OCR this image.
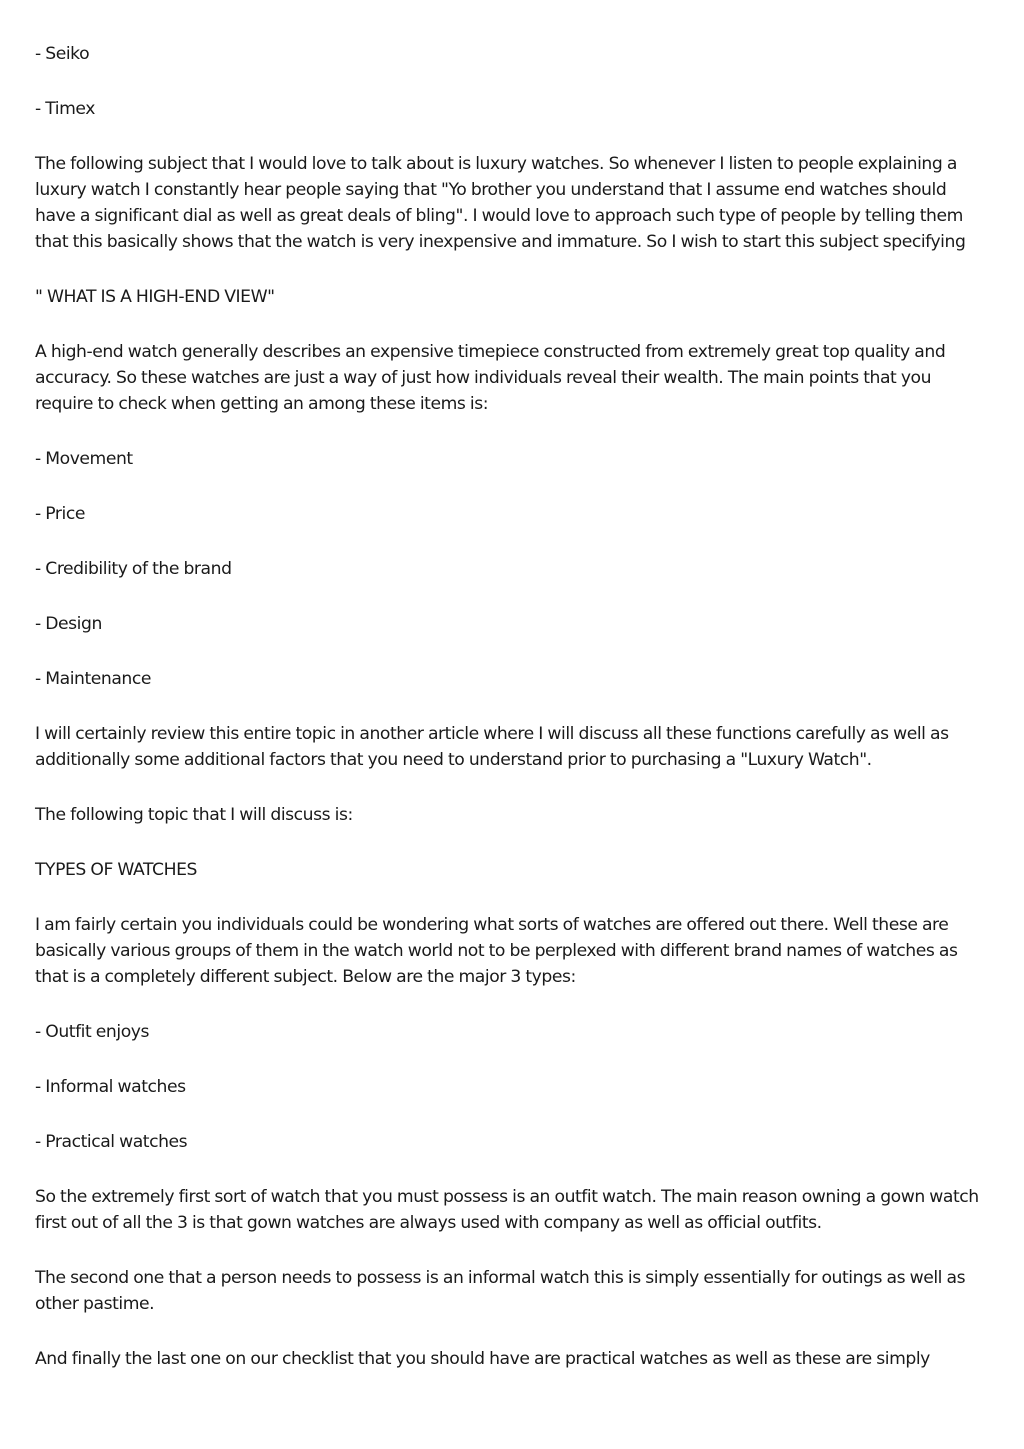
- Seiko

- Timex

The following subject that I would love to talk about is luxury watches. So whenever I listen to people explaining a luxury watch I constantly hear people saying that "Yo brother you understand that I assume end watches should have a significant dial as well as great deals of bling". I would love to approach such type of people by telling them that this basically shows that the watch is very inexpensive and immature. So I wish to start this subject specifying

" WHAT IS A HIGH-END VIEW"

A high-end watch generally describes an expensive timepiece constructed from extremely great top quality and accuracy. So these watches are just a way of just how individuals reveal their wealth. The main points that you require to check when getting an among these items is:

- Movement

- Price

- Credibility of the brand

- Design

- Maintenance

I will certainly review this entire topic in another article where I will discuss all these functions carefully as well as additionally some additional factors that you need to understand prior to purchasing a "Luxury Watch".

The following topic that I will discuss is:

TYPES OF WATCHES

I am fairly certain you individuals could be wondering what sorts of watches are offered out there. Well these are basically various groups of them in the watch world not to be perplexed with different brand names of watches as that is a completely different subject. Below are the major 3 types:

- Outfit enjoys

- Informal watches

- Practical watches

So the extremely first sort of watch that you must possess is an outfit watch. The main reason owning a gown watch first out of all the 3 is that gown watches are always used with company as well as official outfits.

The second one that a person needs to possess is an informal watch this is simply essentially for outings as well as other pastime.

And finally the last one on our checklist that you should have are practical watches as well as these are simply
